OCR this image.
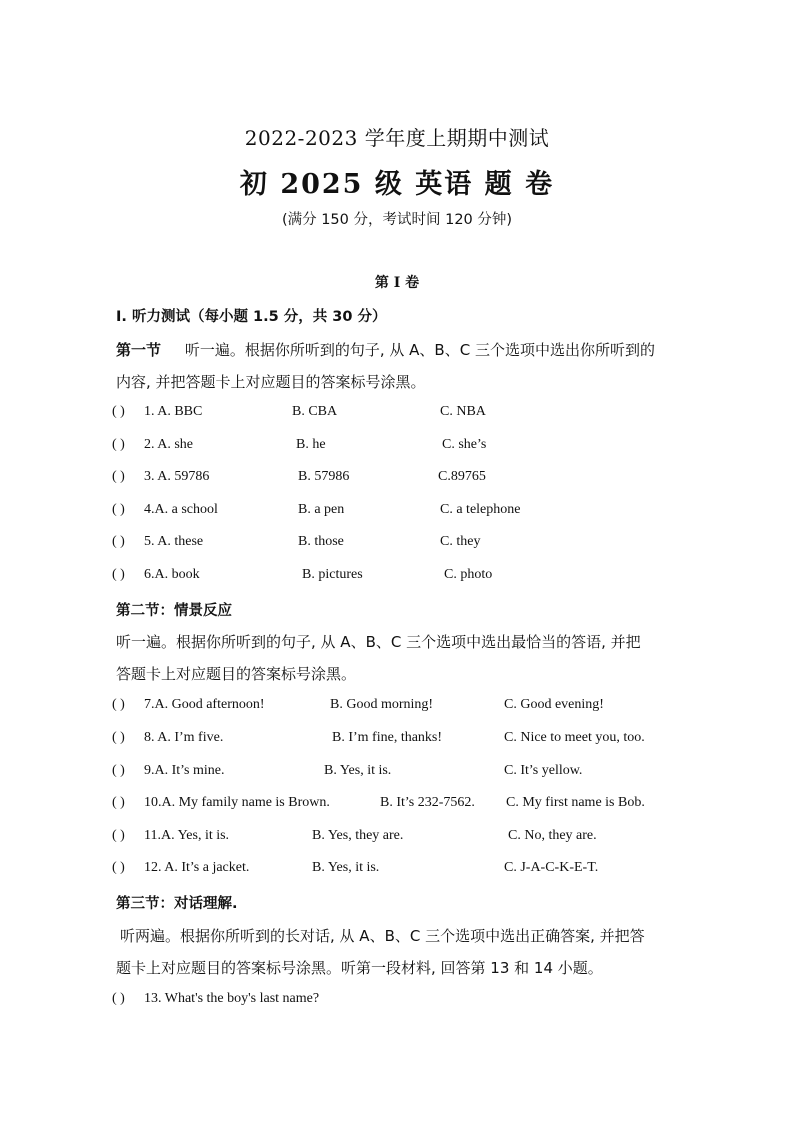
2022-2023 学年度上期期中测试
初 2025 级 英语 题 卷
(满分 150 分，考试时间 120 分钟)
第 I 卷
I. 听力测试（每小题 1.5 分，共 30 分）
第一节 听一遍。根据你所听到的句子, 从 A、B、C 三个选项中选出你所听到的
内容, 并把答题卡上对应题目的答案标号涂黑。
( ) 1. A. BBC	B. CBA	C. NBA
( ) 2. A. she	B. he	C. she’s
( ) 3. A. 59786	B. 57986	C.89765
( ) 4.A. a school	B. a pen	C. a telephone
( ) 5. A. these	B. those	C. they
( ) 6.A. book	B. pictures	C. photo
第二节：情景反应
听一遍。根据你所听到的句子, 从 A、B、C 三个选项中选出最恰当的答语, 并把
答题卡上对应题目的答案标号涂黑。
( ) 7.A. Good afternoon!	B. Good morning!	C. Good evening!
( ) 8. A. I’m five.	B. I’m fine, thanks!	C. Nice to meet you, too.
( ) 9.A. It’s mine.	B. Yes, it is.	C. It’s yellow.
( ) 10.A. My family name is Brown.	B. It’s 232-7562. C. My first name is Bob.
( ) 11.A. Yes, it is.	B. Yes, they are.	C. No, they are.
( ) 12. A. It’s a jacket.	B. Yes, it is.	C. J-A-C-K-E-T.
第三节：对话理解.
听两遍。根据你所听到的长对话, 从 A、B、C 三个选项中选出正确答案, 并把答
题卡上对应题目的答案标号涂黑。听第一段材料, 回答第 13 和 14 小题。
( ) 13. What's the boy's last name?
